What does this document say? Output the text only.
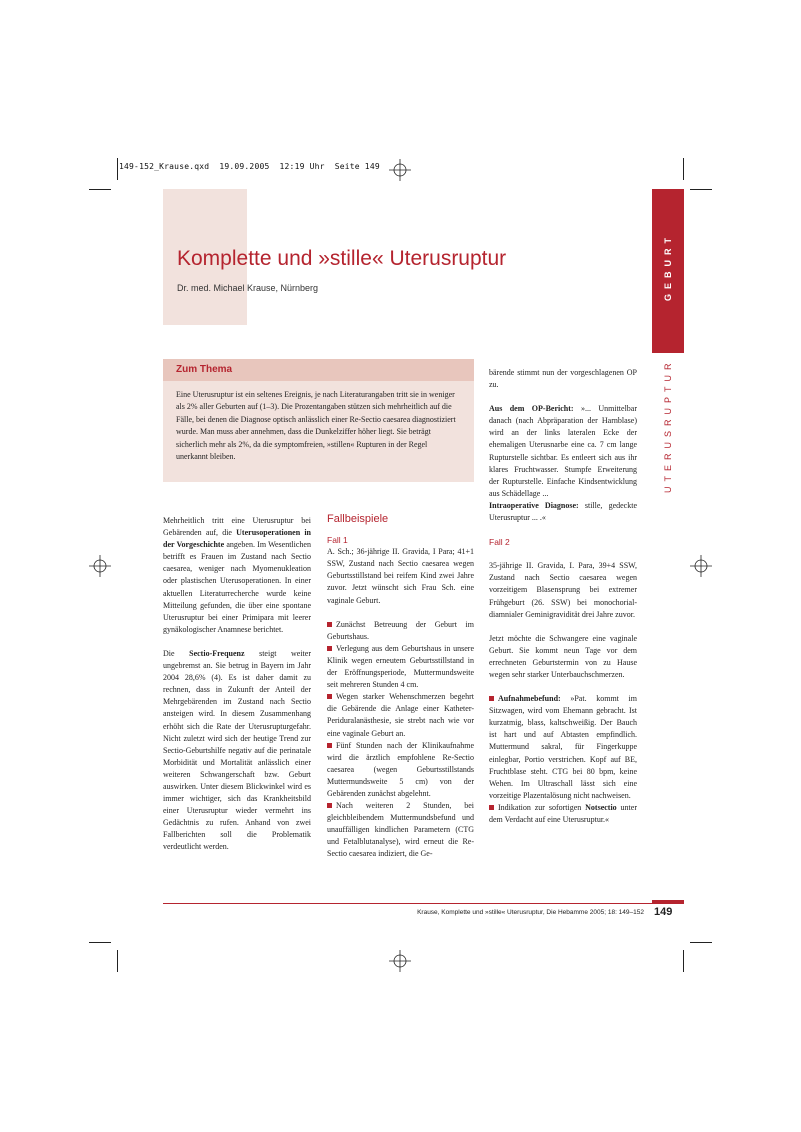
149-152_Krause.qxd  19.09.2005  12:19 Uhr  Seite 149
Komplette und »stille« Uterusruptur
Dr. med. Michael Krause, Nürnberg	GEBURT
UTERUSRUPTUR
Zum Thema
Eine Uterusruptur ist ein seltenes Ereignis, je nach Literaturangaben tritt sie in weniger als 2% aller Geburten auf (1–3). Die Prozentangaben stützen sich mehrheitlich auf die Fälle, bei denen die Diagnose optisch anlässlich einer Re-Sectio caesarea diagnostiziert wurde. Man muss aber annehmen, dass die Dunkelziffer höher liegt. Sie beträgt sicherlich mehr als 2%, da die symptomfreien, »stillen« Rupturen in der Regel unerkannt bleiben.

Mehrheitlich tritt eine Uterusruptur bei Gebärenden auf, die Uterusoperationen in der Vorgeschichte angeben. Im Wesentlichen betrifft es Frauen im Zustand nach Sectio caesarea, weniger nach Myomenukleation oder plastischen Uterusoperationen. In einer aktuellen Literaturrecherche wurde keine Mitteilung gefunden, die über eine spontane Uterusruptur bei einer Primipara mit leerer gynäkologischer Anamnese berichtet.

Die Sectio-Frequenz steigt weiter ungebremst an. Sie betrug in Bayern im Jahr 2004 28,6% (4). Es ist daher damit zu rechnen, dass in Zukunft der Anteil der Mehrgebärenden im Zustand nach Sectio ansteigen wird. In diesem Zusammenhang erhöht sich die Rate der Uterusrupturgefahr. Nicht zuletzt wird sich der heutige Trend zur Sectio-Geburtshilfe negativ auf die perinatale Morbidität und Mortalität anlässlich einer weiteren Schwangerschaft bzw. Geburt auswirken. Unter diesem Blickwinkel wird es immer wichtiger, sich das Krankheitsbild einer Uterusruptur wieder vermehrt ins Gedächtnis zu rufen. Anhand von zwei Fallberichten soll die Problematik verdeutlicht werden.

Fallbeispiele
Fall 1

A. Sch.; 36-jährige II. Gravida, I Para; 41+1 SSW, Zustand nach Sectio caesarea wegen Geburtsstillstand bei reifem Kind zwei Jahre zuvor. Jetzt wünscht sich Frau Sch. eine vaginale Geburt.

Zunächst Betreuung der Geburt im Geburtshaus.

Verlegung aus dem Geburtshaus in unsere Klinik wegen erneutem Geburtsstillstand in der Eröffnungsperiode, Muttermundsweite seit mehreren Stunden 4 cm.

Wegen starker Wehenschmerzen begehrt die Gebärende die Anlage einer Katheter-Periduralanästhesie, sie strebt nach wie vor eine vaginale Geburt an.

Fünf Stunden nach der Klinikaufnahme wird die ärztlich empfohlene Re-Sectio caesarea (wegen Geburtsstillstands Muttermundsweite 5 cm) von der Gebärenden zunächst abgelehnt.

Nach weiteren 2 Stunden, bei gleichbleibendem Muttermundsbefund und unauffälligen kindlichen Parametern (CTG und Fetalblutanalyse), wird erneut die Re-Sectio caesarea indiziert, die Ge-

bärende stimmt nun der vorgeschlagenen OP zu.

Aus dem OP-Bericht: »... Unmittelbar danach (nach Abpräparation der Harnblase) wird an der links lateralen Ecke der ehemaligen Uterusnarbe eine ca. 7 cm lange Rupturstelle sichtbar. Es entleert sich aus ihr klares Fruchtwasser. Stumpfe Erweiterung der Rupturstelle. Einfache Kindsentwicklung aus Schädellage ...

Intraoperative Diagnose: stille, gedeckte Uterusruptur ... .«

Fall 2

35-jährige II. Gravida, I. Para, 39+4 SSW, Zustand nach Sectio caesarea wegen vorzeitigem Blasensprung bei extremer Frühgeburt (26. SSW) bei monochorial-diamnialer Geminigravidität drei Jahre zuvor.

Jetzt möchte die Schwangere eine vaginale Geburt. Sie kommt neun Tage vor dem errechneten Geburtstermin von zu Hause wegen sehr starker Unterbauchschmerzen.

Aufnahmebefund: »Pat. kommt im Sitzwagen, wird vom Ehemann gebracht. Ist kurzatmig, blass, kaltschweißig. Der Bauch ist hart und auf Abtasten empfindlich. Muttermund sakral, für Fingerkuppe einlegbar, Portio verstrichen. Kopf auf BE, Fruchtblase steht. CTG bei 80 bpm, keine Wehen. Im Ultraschall lässt sich eine vorzeitige Plazentalösung nicht nachweisen.

Indikation zur sofortigen Notsectio unter dem Verdacht auf eine Uterusruptur.«

Krause, Komplette und »stille« Uterusruptur, Die Hebamme 2005; 18: 149–152 149
